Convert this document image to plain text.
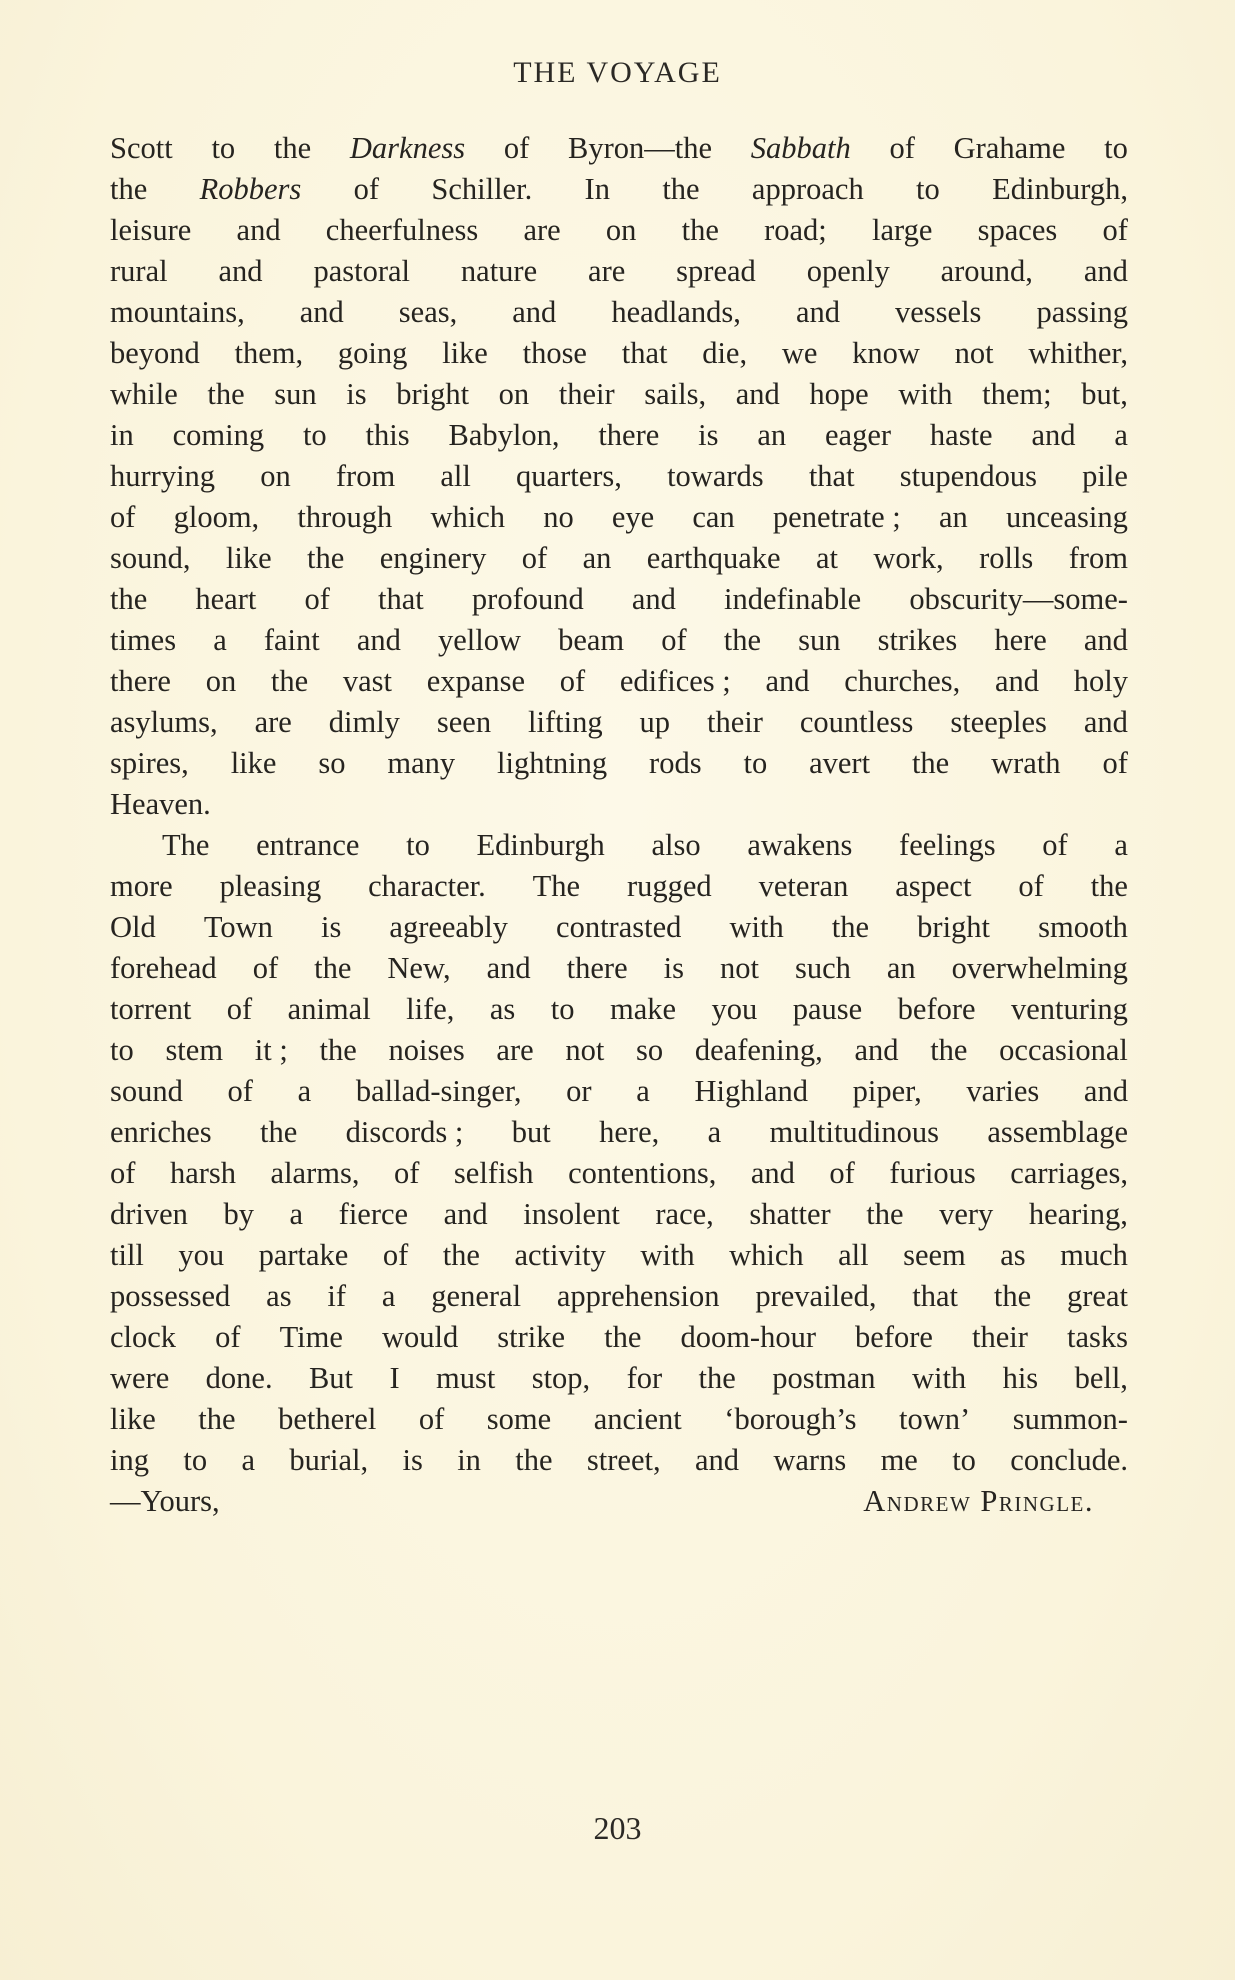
THE VOYAGE
Scott to the Darkness of Byron—the Sabbath of Grahame to
the Robbers of Schiller. In the approach to Edinburgh,
leisure and cheerfulness are on the road; large spaces of
rural and pastoral nature are spread openly around, and
mountains, and seas, and headlands, and vessels passing
beyond them, going like those that die, we know not whither,
while the sun is bright on their sails, and hope with them; but,
in coming to this Babylon, there is an eager haste and a
hurrying on from all quarters, towards that stupendous pile
of gloom, through which no eye can penetrate ; an unceasing
sound, like the enginery of an earthquake at work, rolls from
the heart of that profound and indefinable obscurity—some-
times a faint and yellow beam of the sun strikes here and
there on the vast expanse of edifices ; and churches, and holy
asylums, are dimly seen lifting up their countless steeples and
spires, like so many lightning rods to avert the wrath of
Heaven.
The entrance to Edinburgh also awakens feelings of a
more pleasing character. The rugged veteran aspect of the
Old Town is agreeably contrasted with the bright smooth
forehead of the New, and there is not such an overwhelming
torrent of animal life, as to make you pause before venturing
to stem it ; the noises are not so deafening, and the occasional
sound of a ballad-singer, or a Highland piper, varies and
enriches the discords ; but here, a multitudinous assemblage
of harsh alarms, of selfish contentions, and of furious carriages,
driven by a fierce and insolent race, shatter the very hearing,
till you partake of the activity with which all seem as much
possessed as if a general apprehension prevailed, that the great
clock of Time would strike the doom-hour before their tasks
were done. But I must stop, for the postman with his bell,
like the betherel of some ancient ‘borough’s town’ summon-
ing to a burial, is in the street, and warns me to conclude.
—Yours,	Andrew Pringle.
203
